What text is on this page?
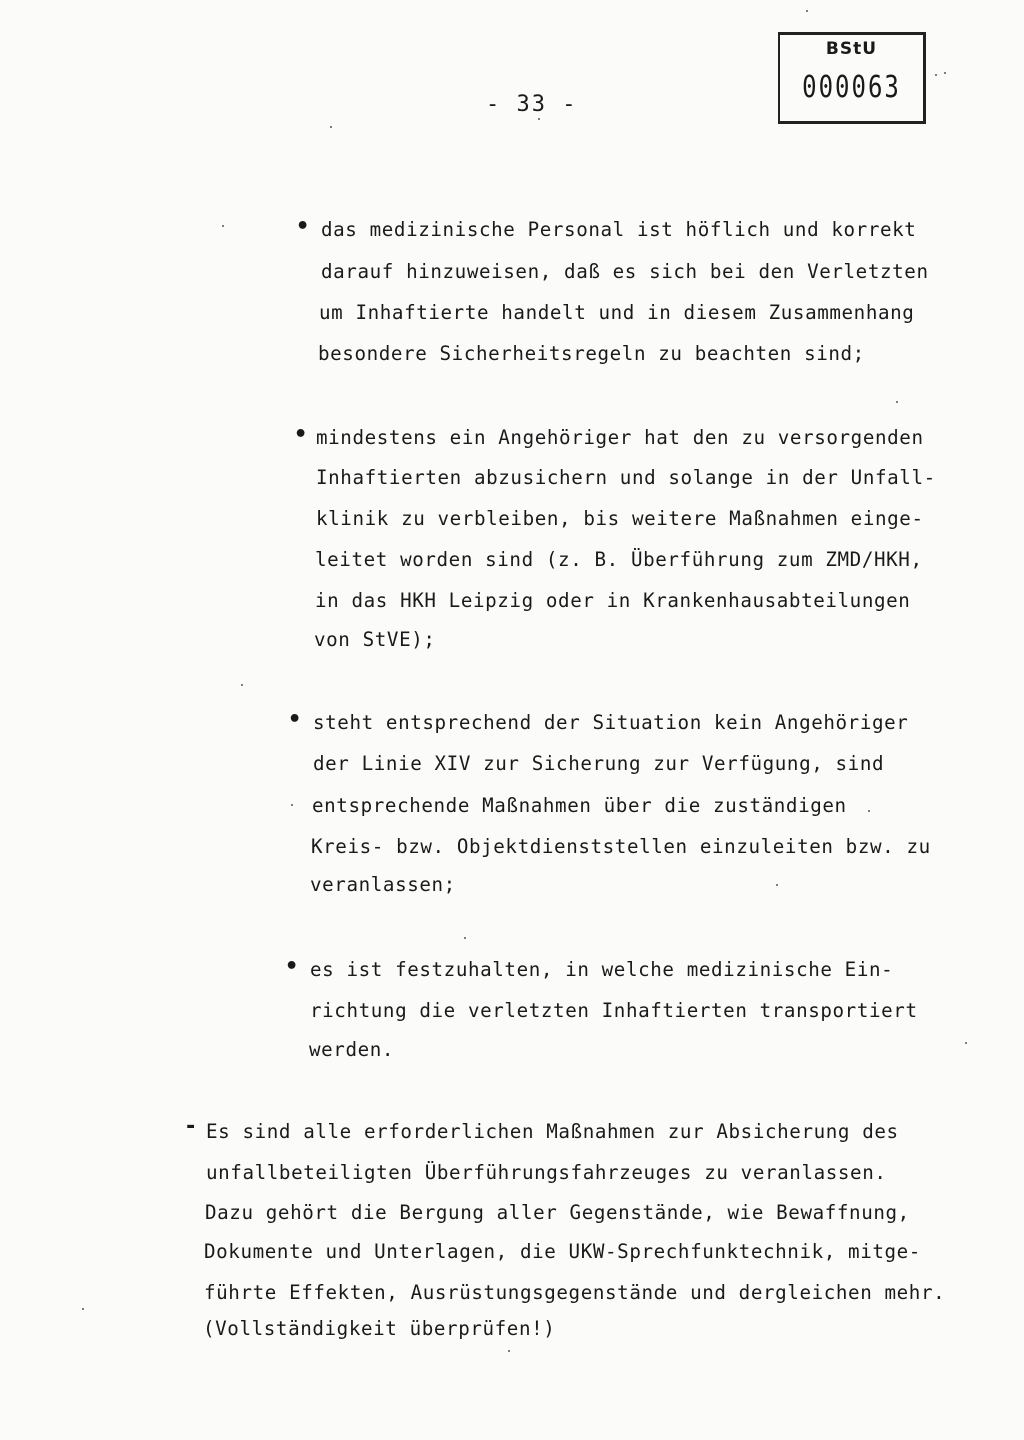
BStU
000063
- 33 -
• das medizinische Personal ist höflich und korrekt
darauf hinzuweisen, daß es sich bei den Verletzten
um Inhaftierte handelt und in diesem Zusammenhang
besondere Sicherheitsregeln zu beachten sind;
• mindestens ein Angehöriger hat den zu versorgenden
Inhaftierten abzusichern und solange in der Unfall-
klinik zu verbleiben, bis weitere Maßnahmen einge-
leitet worden sind (z. B. Überführung zum ZMD/HKH,
in das HKH Leipzig oder in Krankenhausabteilungen
von StVE);
• steht entsprechend der Situation kein Angehöriger
der Linie XIV zur Sicherung zur Verfügung, sind
entsprechende Maßnahmen über die zuständigen
Kreis- bzw. Objektdienststellen einzuleiten bzw. zu
veranlassen;
• es ist festzuhalten, in welche medizinische Ein-
richtung die verletzten Inhaftierten transportiert
werden.
- Es sind alle erforderlichen Maßnahmen zur Absicherung des
unfallbeteiligten Überführungsfahrzeuges zu veranlassen.
Dazu gehört die Bergung aller Gegenstände, wie Bewaffnung,
Dokumente und Unterlagen, die UKW-Sprechfunktechnik, mitge-
führte Effekten, Ausrüstungsgegenstände und dergleichen mehr.
(Vollständigkeit überprüfen!)
